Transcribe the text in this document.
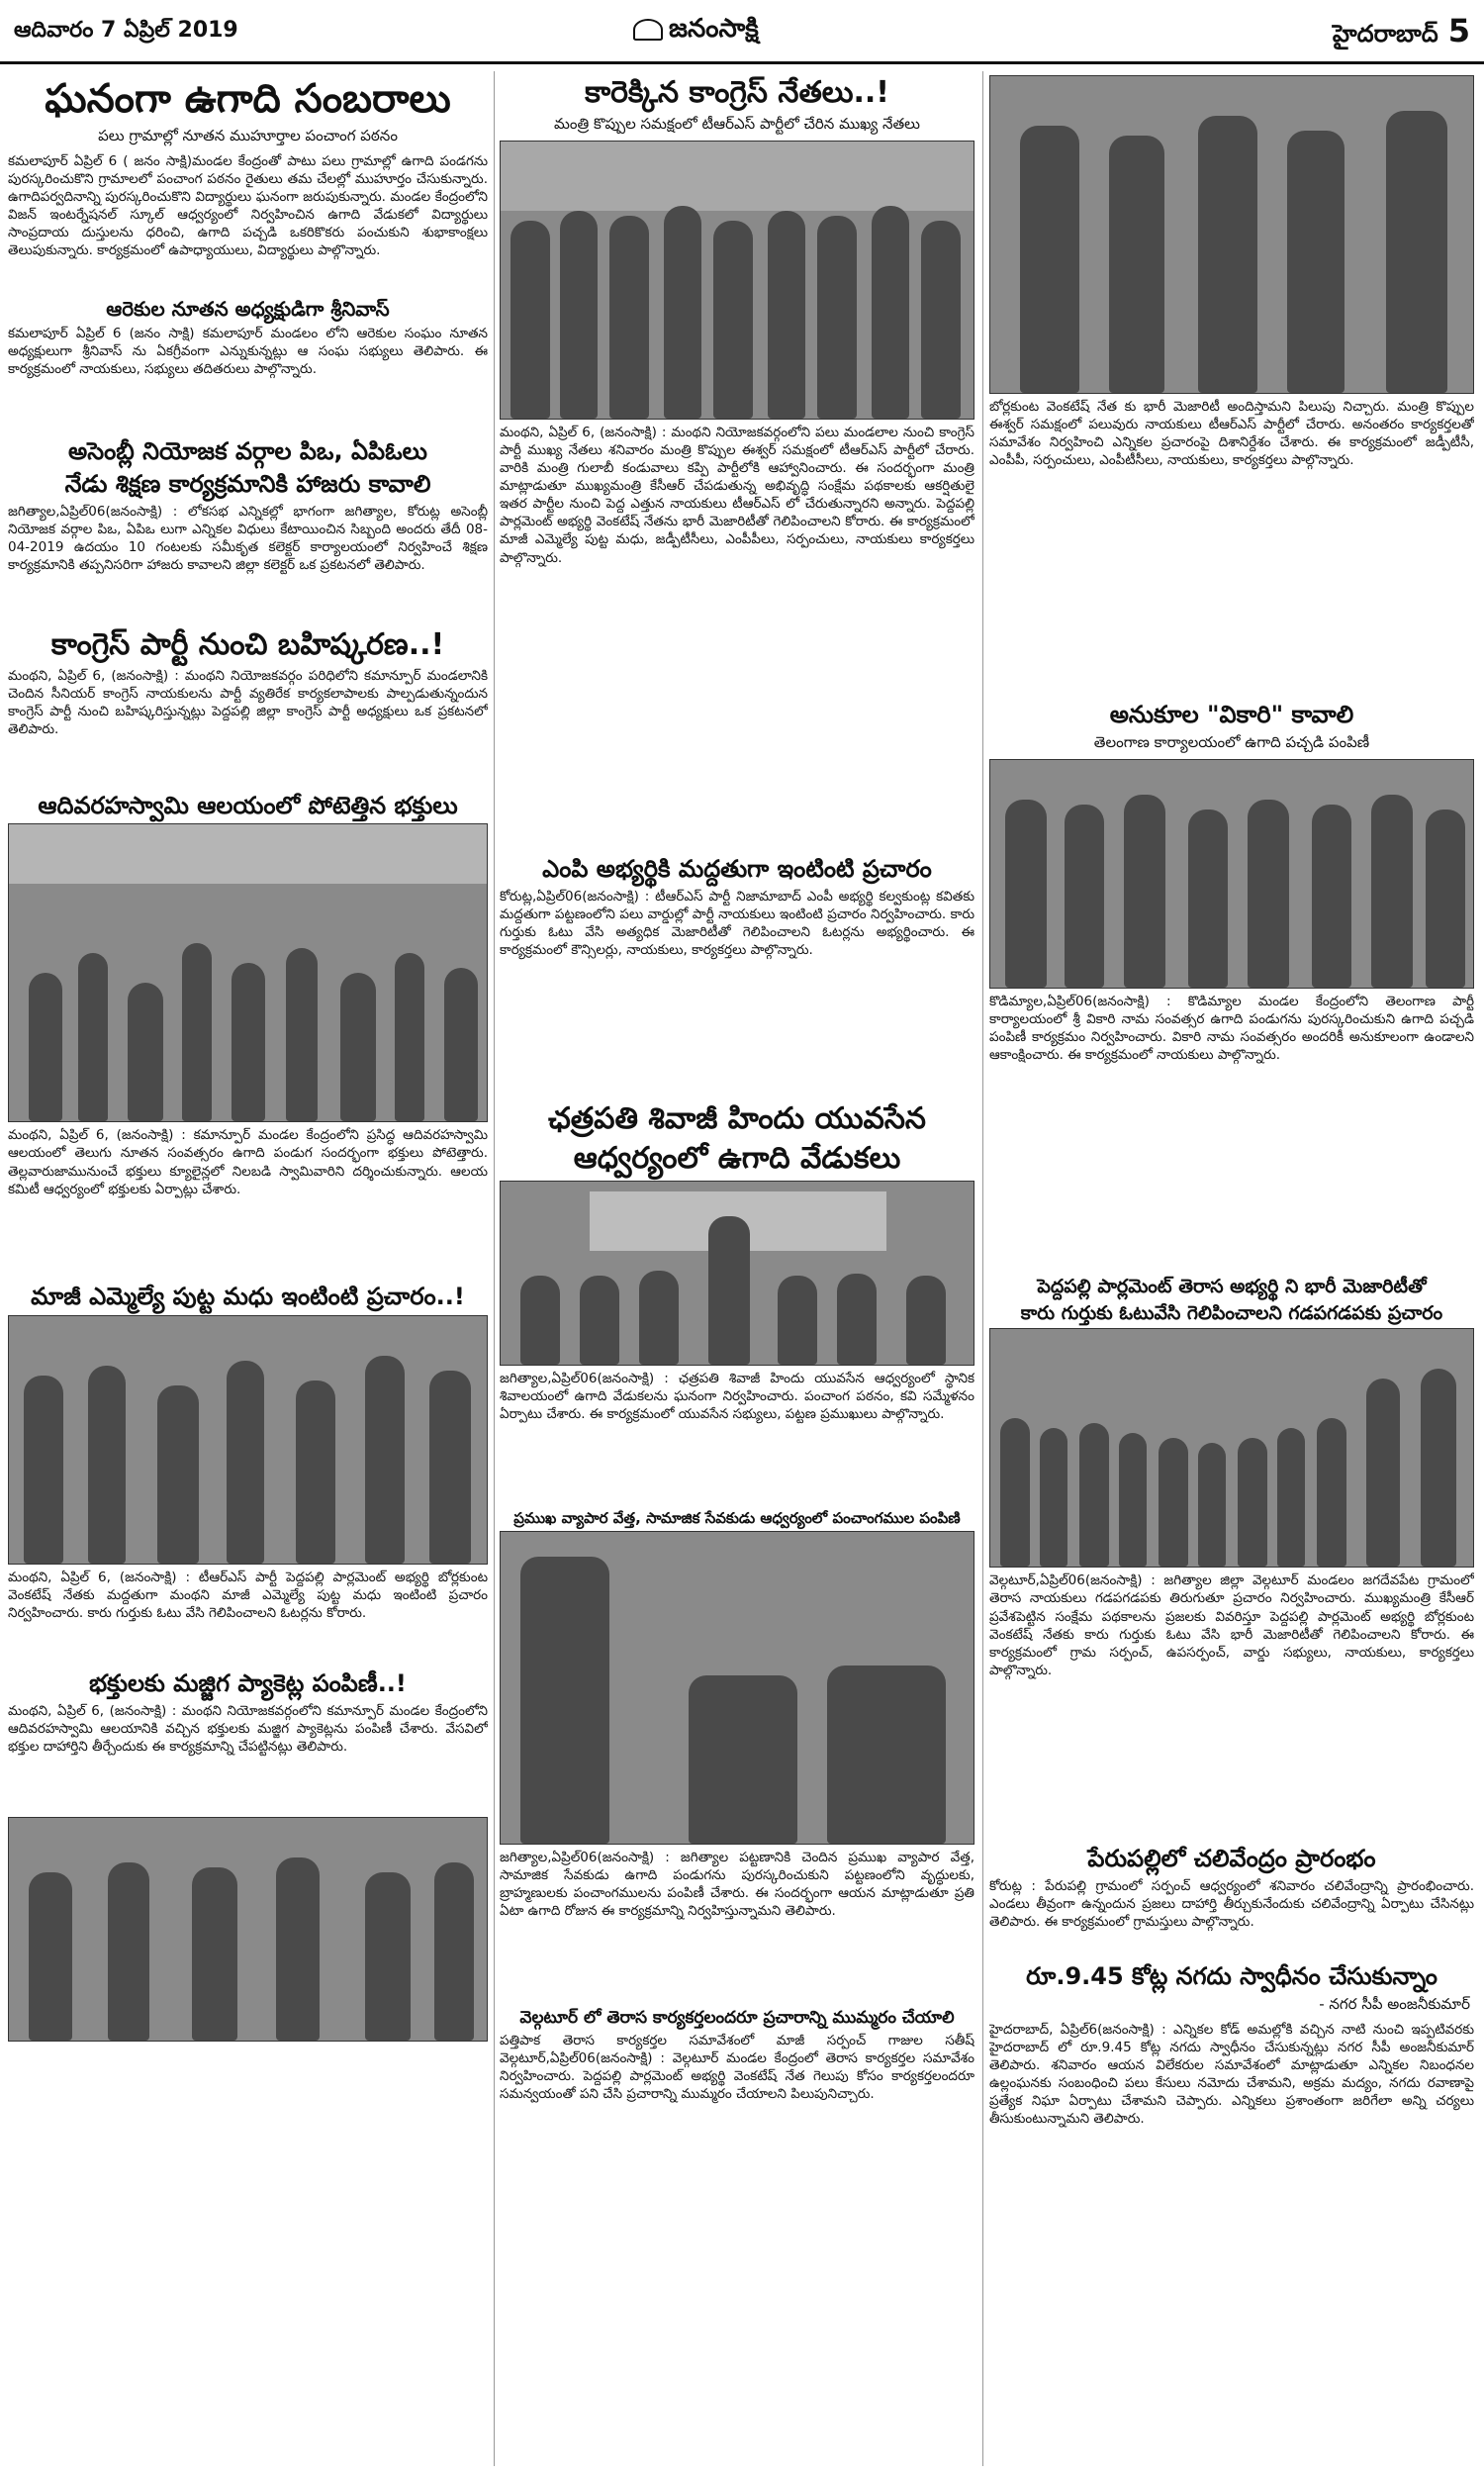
ఆదివారం 7 ఏప్రిల్ 2019	జనంసాక్షి	హైదరాబాద్ 5
ఘనంగా ఉగాది సంబరాలు
పలు గ్రామాల్లో నూతన ముహూర్తాల పంచాంగ పఠనం

కమలాపూర్ ఏప్రిల్ 6 ( జనం సాక్షి)మండల కేంద్రంతో పాటు పలు గ్రామాల్లో ఉగాది పండగను పురస్కరించుకొని గ్రామాలలో పంచాంగ పఠనం రైతులు తమ చేలల్లో ముహూర్తం చేసుకున్నారు. ఉగాదిపర్వదినాన్ని పురస్కరించుకొని విద్యార్థులు ఘనంగా జరుపుకున్నారు. మండల కేంద్రంలోని విజన్ ఇంటర్నేషనల్ స్కూల్ ఆధ్వర్యంలో నిర్వహించిన ఉగాది వేడుకలో విద్యార్థులు సాంప్రదాయ దుస్తులను ధరించి, ఉగాది పచ్చడి ఒకరికొకరు పంచుకుని శుభాకాంక్షలు తెలుపుకున్నారు. కార్యక్రమంలో ఉపాధ్యాయులు, విద్యార్థులు పాల్గొన్నారు.

ఆరెకుల నూతన అధ్యక్షుడిగా శ్రీనివాస్

కమలాపూర్ ఏప్రిల్ 6 (జనం సాక్షి) కమలాపూర్ మండలం లోని ఆరెకుల సంఘం నూతన అధ్యక్షులుగా శ్రీనివాస్ ను ఏకగ్రీవంగా ఎన్నుకున్నట్లు ఆ సంఘ సభ్యులు తెలిపారు. ఈ కార్యక్రమంలో నాయకులు, సభ్యులు తదితరులు పాల్గొన్నారు.

అసెంబ్లీ నియోజక వర్గాల పిఒ, ఏపిఓలు
నేడు శిక్షణ కార్యక్రమానికి హాజరు కావాలి

జగిత్యాల,ఏప్రిల్06(జనంసాక్షి) : లోకసభ ఎన్నికల్లో భాగంగా జగిత్యాల, కోరుట్ల అసెంబ్లీ నియోజక వర్గాల పిఒ, ఏపిఒ లుగా ఎన్నికల విధులు కేటాయించిన సిబ్బంది అందరు తేదీ 08-04-2019 ఉదయం 10 గంటలకు సమీకృత కలెక్టర్ కార్యాలయంలో నిర్వహించే శిక్షణ కార్యక్రమానికి తప్పనిసరిగా హాజరు కావాలని జిల్లా కలెక్టర్ ఒక ప్రకటనలో తెలిపారు.

కాంగ్రెస్ పార్టీ నుంచి బహిష్కరణ..!

మంథని, ఏప్రిల్ 6, (జనంసాక్షి) : మంథని నియోజకవర్గం పరిధిలోని కమాన్పూర్ మండలానికి చెందిన సీనియర్ కాంగ్రెస్ నాయకులను పార్టీ వ్యతిరేక కార్యకలాపాలకు పాల్పడుతున్నందున కాంగ్రెస్ పార్టీ నుంచి బహిష్కరిస్తున్నట్లు పెద్దపల్లి జిల్లా కాంగ్రెస్ పార్టీ అధ్యక్షులు ఒక ప్రకటనలో తెలిపారు.

ఆదివరహస్వామి ఆలయంలో పోటెత్తిన భక్తులు

మంథని, ఏప్రిల్ 6, (జనంసాక్షి) : కమాన్పూర్ మండల కేంద్రంలోని ప్రసిద్ధ ఆదివరహస్వామి ఆలయంలో తెలుగు నూతన సంవత్సరం ఉగాది పండుగ సందర్భంగా భక్తులు పోటెత్తారు. తెల్లవారుజామునుంచే భక్తులు క్యూలైన్లలో నిలబడి స్వామివారిని దర్శించుకున్నారు. ఆలయ కమిటీ ఆధ్వర్యంలో భక్తులకు ఏర్పాట్లు చేశారు.

మాజీ ఎమ్మెల్యే పుట్ట మధు ఇంటింటి ప్రచారం..!

మంథని, ఏప్రిల్ 6, (జనంసాక్షి) : టీఆర్ఎస్ పార్టీ పెద్దపల్లి పార్లమెంట్ అభ్యర్థి బోర్లకుంట వెంకటేష్ నేతకు మద్దతుగా మంథని మాజీ ఎమ్మెల్యే పుట్ట మధు ఇంటింటి ప్రచారం నిర్వహించారు. కారు గుర్తుకు ఓటు వేసి గెలిపించాలని ఓటర్లను కోరారు.

భక్తులకు మజ్జిగ ప్యాకెట్ల పంపిణీ..!

మంథని, ఏప్రిల్ 6, (జనంసాక్షి) : మంథని నియోజకవర్గంలోని కమాన్పూర్ మండల కేంద్రంలోని ఆదివరహస్వామి ఆలయానికి వచ్చిన భక్తులకు మజ్జిగ ప్యాకెట్లను పంపిణీ చేశారు. వేసవిలో భక్తుల దాహార్తిని తీర్చేందుకు ఈ కార్యక్రమాన్ని చేపట్టినట్లు తెలిపారు.

కారెక్కిన కాంగ్రెస్ నేతలు..!
మంత్రి కొప్పుల సమక్షంలో టీఆర్ఎస్ పార్టీలో చేరిన ముఖ్య నేతలు

మంథని, ఏప్రిల్ 6, (జనంసాక్షి) : మంథని నియోజకవర్గంలోని పలు మండలాల నుంచి కాంగ్రెస్ పార్టీ ముఖ్య నేతలు శనివారం మంత్రి కొప్పుల ఈశ్వర్ సమక్షంలో టీఆర్ఎస్ పార్టీలో చేరారు. వారికి మంత్రి గులాబీ కండువాలు కప్పి పార్టీలోకి ఆహ్వానించారు. ఈ సందర్భంగా మంత్రి మాట్లాడుతూ ముఖ్యమంత్రి కేసీఆర్ చేపడుతున్న అభివృద్ధి సంక్షేమ పథకాలకు ఆకర్షితులై ఇతర పార్టీల నుంచి పెద్ద ఎత్తున నాయకులు టీఆర్ఎస్ లో చేరుతున్నారని అన్నారు. పెద్దపల్లి పార్లమెంట్ అభ్యర్థి వెంకటేష్ నేతను భారీ మెజారిటీతో గెలిపించాలని కోరారు. ఈ కార్యక్రమంలో మాజీ ఎమ్మెల్యే పుట్ట మధు, జడ్పీటీసీలు, ఎంపీపీలు, సర్పంచులు, నాయకులు కార్యకర్తలు పాల్గొన్నారు.

ఎంపి అభ్యర్థికి మద్దతుగా ఇంటింటి ప్రచారం

కోరుట్ల,ఏప్రిల్06(జనంసాక్షి) : టీఆర్ఎస్ పార్టీ నిజామాబాద్ ఎంపీ అభ్యర్థి కల్వకుంట్ల కవితకు మద్దతుగా పట్టణంలోని పలు వార్డుల్లో పార్టీ నాయకులు ఇంటింటి ప్రచారం నిర్వహించారు. కారు గుర్తుకు ఓటు వేసి అత్యధిక మెజారిటీతో గెలిపించాలని ఓటర్లను అభ్యర్థించారు. ఈ కార్యక్రమంలో కౌన్సిలర్లు, నాయకులు, కార్యకర్తలు పాల్గొన్నారు.

ఛత్రపతి శివాజీ హిందు యువసేన
ఆధ్వర్యంలో ఉగాది వేడుకలు

జగిత్యాల,ఏప్రిల్06(జనంసాక్షి) : ఛత్రపతి శివాజీ హిందు యువసేన ఆధ్వర్యంలో స్థానిక శివాలయంలో ఉగాది వేడుకలను ఘనంగా నిర్వహించారు. పంచాంగ పఠనం, కవి సమ్మేళనం ఏర్పాటు చేశారు. ఈ కార్యక్రమంలో యువసేన సభ్యులు, పట్టణ ప్రముఖులు పాల్గొన్నారు.

ప్రముఖ వ్యాపార వేత్త, సామాజిక సేవకుడు ఆధ్వర్యంలో పంచాంగముల పంపిణి

జగిత్యాల,ఏప్రిల్06(జనంసాక్షి) : జగిత్యాల పట్టణానికి చెందిన ప్రముఖ వ్యాపార వేత్త, సామాజిక సేవకుడు ఉగాది పండుగను పురస్కరించుకుని పట్టణంలోని వృద్ధులకు, బ్రాహ్మణులకు పంచాంగములను పంపిణీ చేశారు. ఈ సందర్భంగా ఆయన మాట్లాడుతూ ప్రతి ఏటా ఉగాది రోజున ఈ కార్యక్రమాన్ని నిర్వహిస్తున్నామని తెలిపారు.

వెల్గటూర్ లో తెరాస కార్యకర్తలందరూ ప్రచారాన్ని ముమ్మరం చేయాలి

పత్తిపాక తెరాస కార్యకర్తల సమావేశంలో మాజీ సర్పంచ్ గాజుల సతీష్ వెల్గటూర్,ఏప్రిల్06(జనంసాక్షి) : వెల్గటూర్ మండల కేంద్రంలో తెరాస కార్యకర్తల సమావేశం నిర్వహించారు. పెద్దపల్లి పార్లమెంట్ అభ్యర్థి వెంకటేష్ నేత గెలుపు కోసం కార్యకర్తలందరూ సమన్వయంతో పని చేసి ప్రచారాన్ని ముమ్మరం చేయాలని పిలుపునిచ్చారు.

బోర్లకుంట వెంకటేష్ నేత కు భారీ మెజారిటీ అందిస్తామని పిలుపు నిచ్చారు. మంత్రి కొప్పుల ఈశ్వర్ సమక్షంలో పలువురు నాయకులు టీఆర్ఎస్ పార్టీలో చేరారు. అనంతరం కార్యకర్తలతో సమావేశం నిర్వహించి ఎన్నికల ప్రచారంపై దిశానిర్దేశం చేశారు. ఈ కార్యక్రమంలో జడ్పీటీసీ, ఎంపీపీ, సర్పంచులు, ఎంపీటీసీలు, నాయకులు, కార్యకర్తలు పాల్గొన్నారు.

అనుకూల "వికారి" కావాలి
తెలంగాణ కార్యాలయంలో ఉగాది పచ్చడి పంపిణీ

కొడిమ్యాల,ఏప్రిల్06(జనంసాక్షి) : కొడిమ్యాల మండల కేంద్రంలోని తెలంగాణ పార్టీ కార్యాలయంలో శ్రీ వికారి నామ సంవత్సర ఉగాది పండుగను పురస్కరించుకుని ఉగాది పచ్చడి పంపిణీ కార్యక్రమం నిర్వహించారు. వికారి నామ సంవత్సరం అందరికీ అనుకూలంగా ఉండాలని ఆకాంక్షించారు. ఈ కార్యక్రమంలో నాయకులు పాల్గొన్నారు.

పెద్దపల్లి పార్లమెంట్ తెరాస అభ్యర్థి ని భారీ మెజారిటీతో
కారు గుర్తుకు ఓటువేసి గెలిపించాలని గడపగడపకు ప్రచారం

వెల్గటూర్,ఏప్రిల్06(జనంసాక్షి) : జగిత్యాల జిల్లా వెల్గటూర్ మండలం జగదేవపేట గ్రామంలో తెరాస నాయకులు గడపగడపకు తిరుగుతూ ప్రచారం నిర్వహించారు. ముఖ్యమంత్రి కేసీఆర్ ప్రవేశపెట్టిన సంక్షేమ పథకాలను ప్రజలకు వివరిస్తూ పెద్దపల్లి పార్లమెంట్ అభ్యర్థి బోర్లకుంట వెంకటేష్ నేతకు కారు గుర్తుకు ఓటు వేసి భారీ మెజారిటీతో గెలిపించాలని కోరారు. ఈ కార్యక్రమంలో గ్రామ సర్పంచ్, ఉపసర్పంచ్, వార్డు సభ్యులు, నాయకులు, కార్యకర్తలు పాల్గొన్నారు.

పేరుపల్లిలో చలివేంద్రం ప్రారంభం

కోరుట్ల : పేరుపల్లి గ్రామంలో సర్పంచ్ ఆధ్వర్యంలో శనివారం చలివేంద్రాన్ని ప్రారంభించారు. ఎండలు తీవ్రంగా ఉన్నందున ప్రజలు దాహార్తి తీర్చుకునేందుకు చలివేంద్రాన్ని ఏర్పాటు చేసినట్లు తెలిపారు. ఈ కార్యక్రమంలో గ్రామస్తులు పాల్గొన్నారు.

రూ.9.45 కోట్ల నగదు స్వాధీనం చేసుకున్నాం
- నగర సీపీ అంజనీకుమార్

హైదరాబాద్, ఏప్రిల్6(జనంసాక్షి) : ఎన్నికల కోడ్ అమల్లోకి వచ్చిన నాటి నుంచి ఇప్పటివరకు హైదరాబాద్ లో రూ.9.45 కోట్ల నగదు స్వాధీనం చేసుకున్నట్లు నగర సీపీ అంజనీకుమార్ తెలిపారు. శనివారం ఆయన విలేకరుల సమావేశంలో మాట్లాడుతూ ఎన్నికల నిబంధనల ఉల్లంఘనకు సంబంధించి పలు కేసులు నమోదు చేశామని, అక్రమ మద్యం, నగదు రవాణాపై ప్రత్యేక నిఘా ఏర్పాటు చేశామని చెప్పారు. ఎన్నికలు ప్రశాంతంగా జరిగేలా అన్ని చర్యలు తీసుకుంటున్నామని తెలిపారు.
